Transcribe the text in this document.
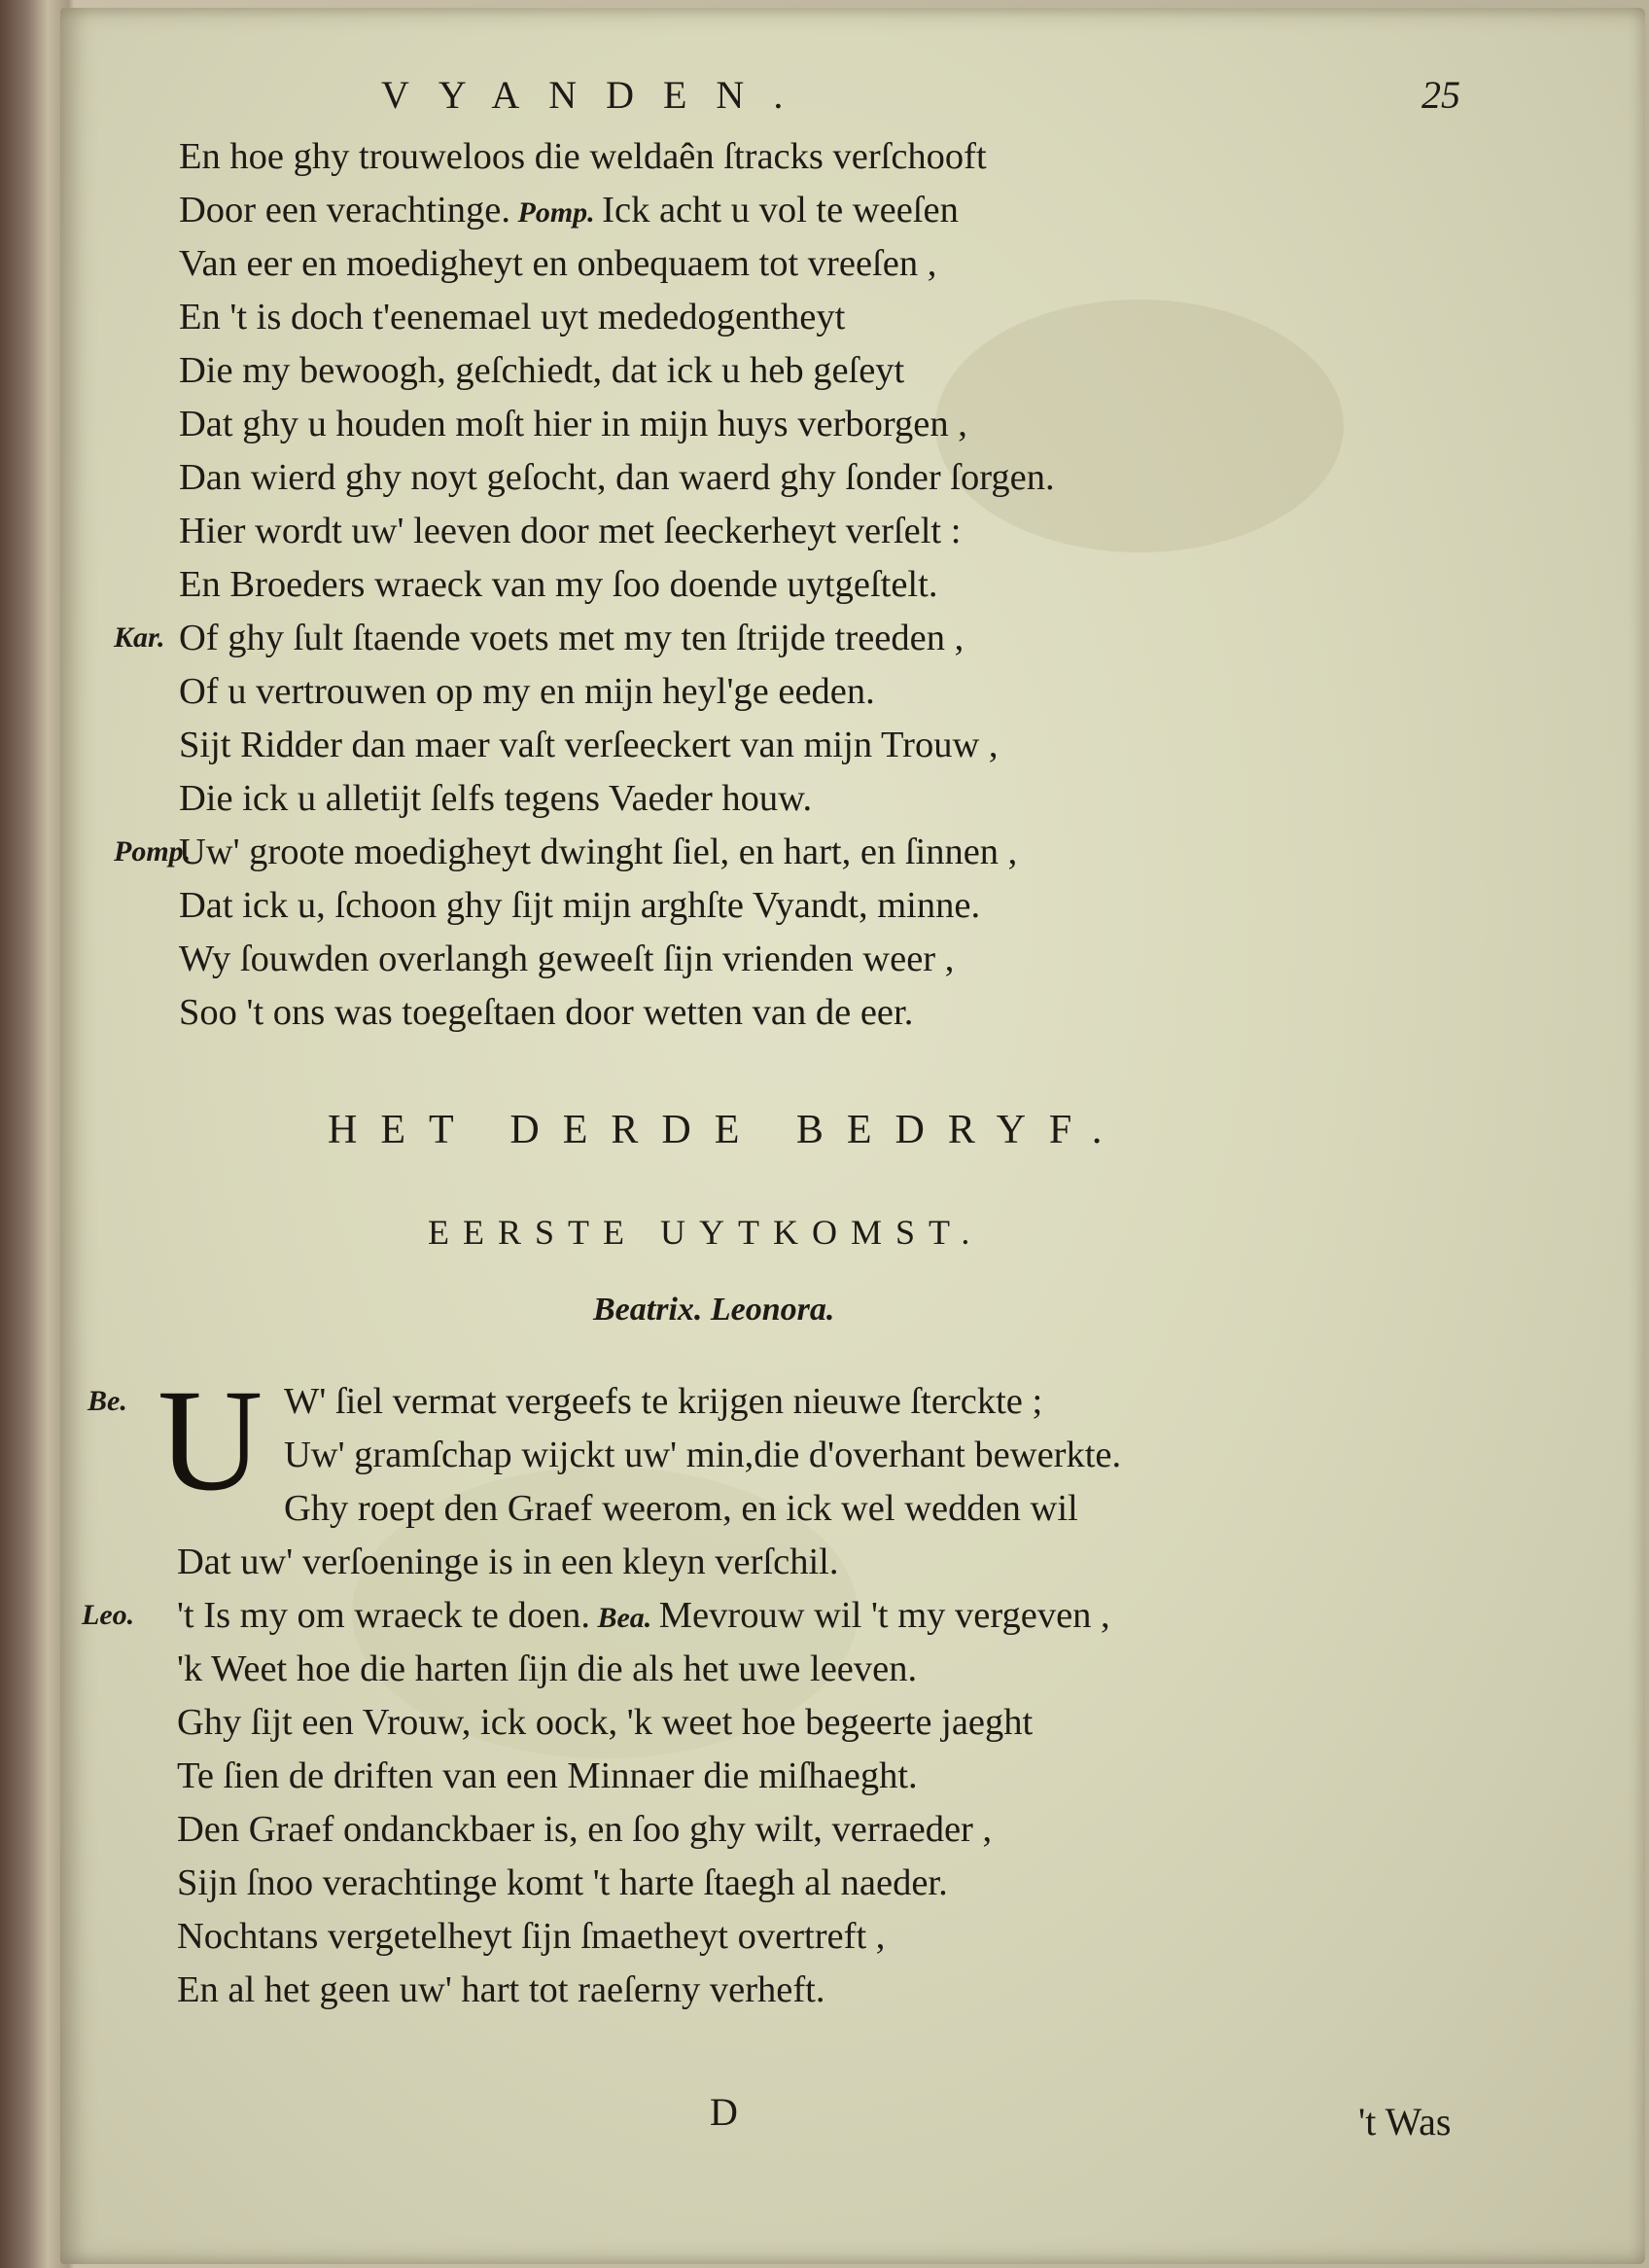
VYANDEN.	25
En hoe ghy trouweloos die weldaên ſtracks verſchooft
Door een verachtinge. Pomp. Ick acht u vol te weeſen
Van eer en moedigheyt en onbequaem tot vreeſen ,
En 't is doch t'eenemael uyt mededogentheyt
Die my bewoogh, geſchiedt, dat ick u heb geſeyt
Dat ghy u houden moſt hier in mijn huys verborgen ,
Dan wierd ghy noyt geſocht, dan waerd ghy ſonder ſorgen.
Hier wordt uw' leeven door met ſeeckerheyt verſelt :
En Broeders wraeck van my ſoo doende uytgeſtelt.
Kar. Of ghy ſult ſtaende voets met my ten ſtrijde treeden ,
Of u vertrouwen op my en mijn heyl'ge eeden.
Sijt Ridder dan maer vaſt verſeeckert van mijn Trouw ,
Die ick u alletijt ſelfs tegens Vaeder houw.
Pomp.
Uw' groote moedigheyt dwinght ſiel, en hart, en ſinnen ,
Dat ick u, ſchoon ghy ſijt mijn arghſte Vyandt, minne.
Wy ſouwden overlangh geweeſt ſijn vrienden weer ,
Soo 't ons was toegeſtaen door wetten van de eer.
HET DERDE BEDRYF.
EERSTE UYTKOMST.
Beatrix. Leonora.
Be. U W' ſiel vermat vergeefs te krijgen nieuwe ſterckte ;
Uw' gramſchap wijckt uw' min,die d'overhant bewerkte.
Ghy roept den Graef weerom, en ick wel wedden wil
Dat uw' verſoeninge is in een kleyn verſchil.
Leo. 't Is my om wraeck te doen. Bea. Mevrouw wil 't my vergeven ,
'k Weet hoe die harten ſijn die als het uwe leeven.
Ghy ſijt een Vrouw, ick oock, 'k weet hoe begeerte jaeght
Te ſien de driften van een Minnaer die miſhaeght.
Den Graef ondanckbaer is, en ſoo ghy wilt, verraeder ,
Sijn ſnoo verachtinge komt 't harte ſtaegh al naeder.
Nochtans vergetelheyt ſijn ſmaetheyt overtreft ,
En al het geen uw' hart tot raeſerny verheft.
D	't Was
